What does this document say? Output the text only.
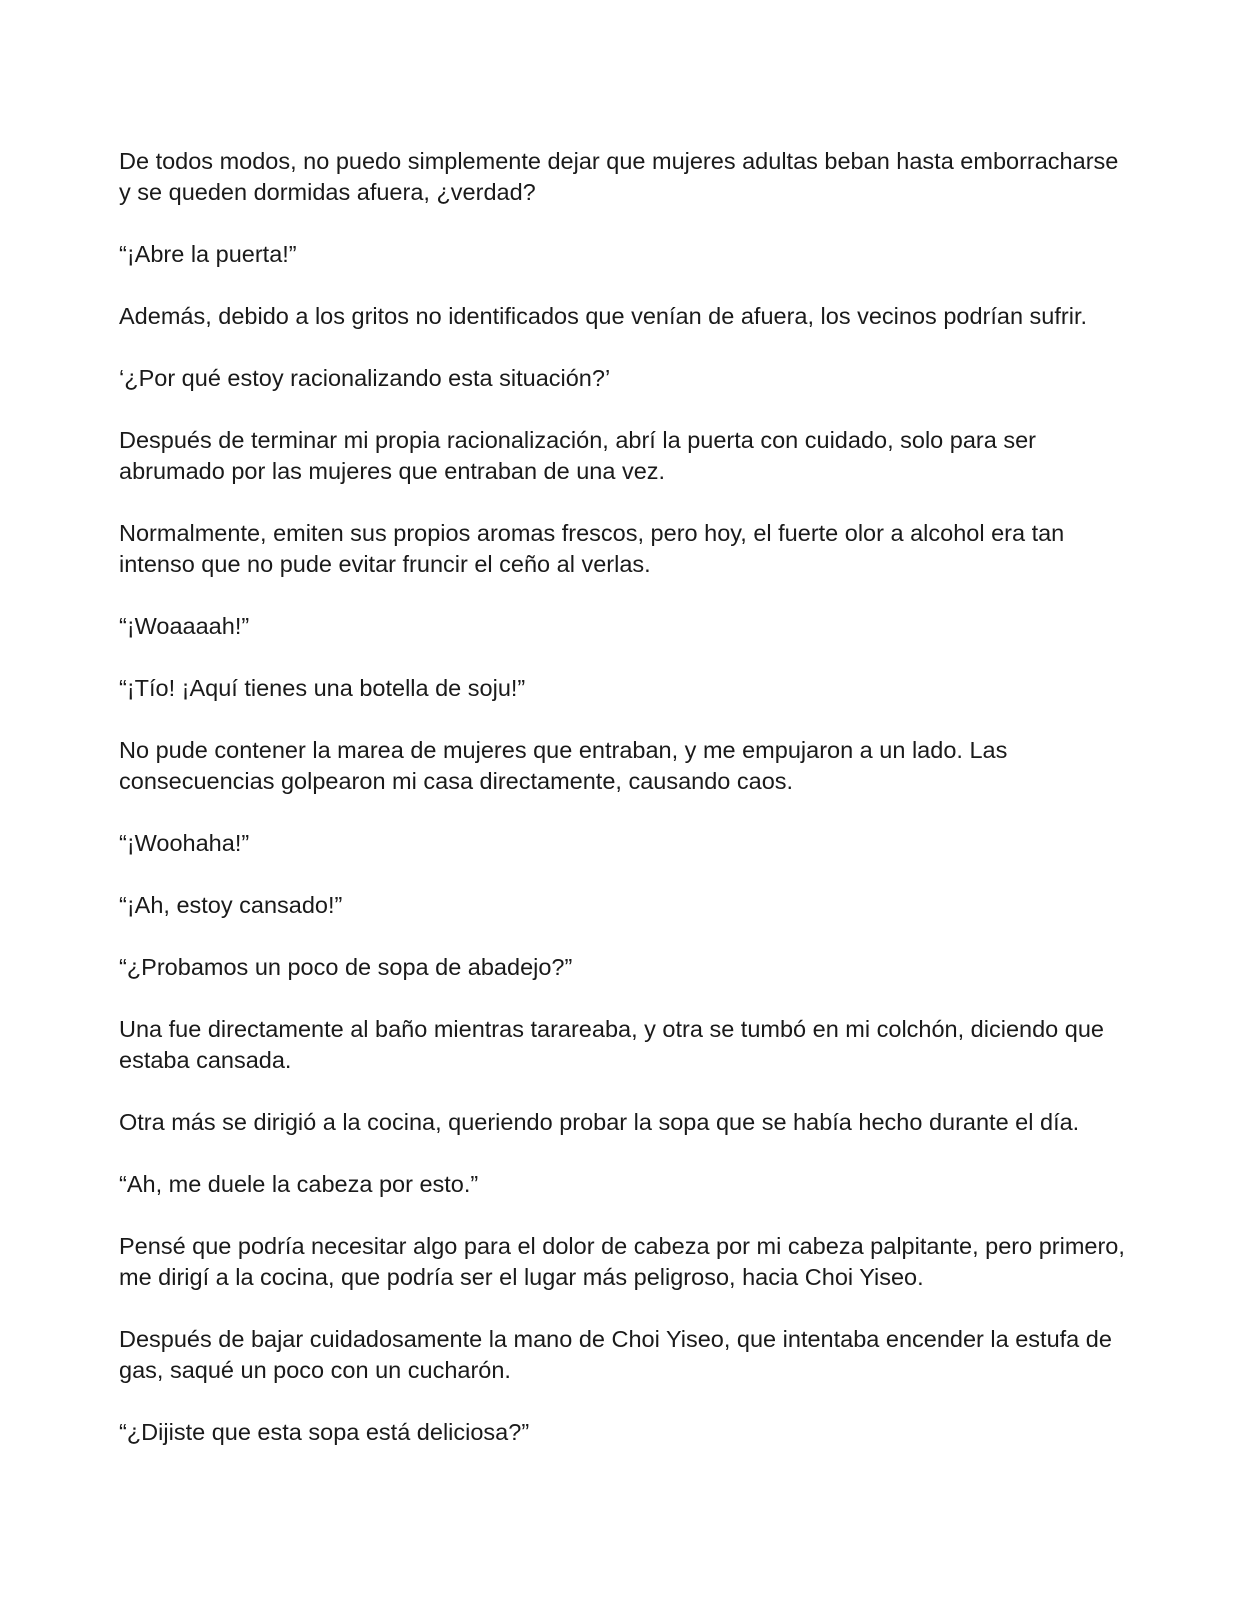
De todos modos, no puedo simplemente dejar que mujeres adultas beban hasta emborracharse y se queden dormidas afuera, ¿verdad?

“¡Abre la puerta!”

Además, debido a los gritos no identificados que venían de afuera, los vecinos podrían sufrir.

‘¿Por qué estoy racionalizando esta situación?’

Después de terminar mi propia racionalización, abrí la puerta con cuidado, solo para ser abrumado por las mujeres que entraban de una vez.

Normalmente, emiten sus propios aromas frescos, pero hoy, el fuerte olor a alcohol era tan intenso que no pude evitar fruncir el ceño al verlas.

“¡Woaaaah!”

“¡Tío! ¡Aquí tienes una botella de soju!”

No pude contener la marea de mujeres que entraban, y me empujaron a un lado. Las consecuencias golpearon mi casa directamente, causando caos.

“¡Woohaha!”

“¡Ah, estoy cansado!”

“¿Probamos un poco de sopa de abadejo?”

Una fue directamente al baño mientras tarareaba, y otra se tumbó en mi colchón, diciendo que estaba cansada.

Otra más se dirigió a la cocina, queriendo probar la sopa que se había hecho durante el día.

“Ah, me duele la cabeza por esto.”

Pensé que podría necesitar algo para el dolor de cabeza por mi cabeza palpitante, pero primero, me dirigí a la cocina, que podría ser el lugar más peligroso, hacia Choi Yiseo.

Después de bajar cuidadosamente la mano de Choi Yiseo, que intentaba encender la estufa de gas, saqué un poco con un cucharón.

“¿Dijiste que esta sopa está deliciosa?”
